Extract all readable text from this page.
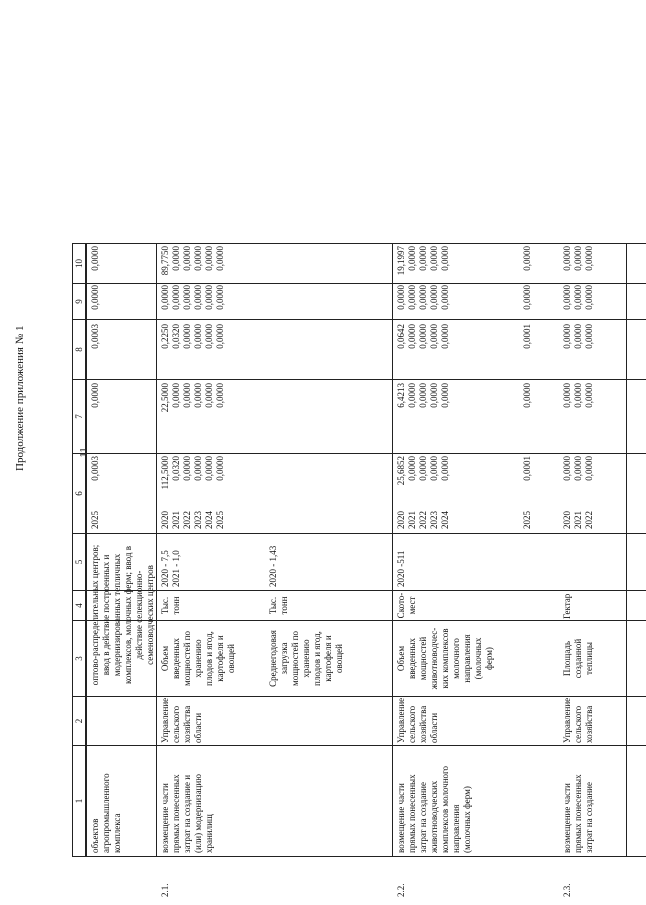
Продолжение приложения № 1	11
1
2
3
4
5
6
7
8
9
10
объектов
агропромышленного
комплекса
оптово-распределительных центров;
ввод в действие построенных и
модернизированных тепличных
комплексов, молочных ферм; ввод в
действие селекционно-
семеноводческих центров
2025
0,0003
0,0000
0,0003
0,0000
0,0000
2.1.
возмещение части
прямых понесенных
затрат на создание и
(или) модернизацию
хранилищ
Управление
сельского
хозяйства
области
Объем
введенных
мощностей по
хранению
плодов и ягод,
картофеля и
овощей
Тыс.
тонн
2020 - 7,5
2021 - 1,0
Среднегодовая
загрузка
мощностей по
хранению
плодов и ягод,
картофеля и
овощей
Тыс.
тонн
2020 - 1,43
2020
2021
2022
2023
2024
2025
112,5000
0,0320
0,0000
0,0000
0,0000
0,0000
22,5000
0,0000
0,0000
0,0000
0,0000
0,0000
0,2250
0,0320
0,0000
0,0000
0,0000
0,0000
0,0000
0,0000
0,0000
0,0000
0,0000
0,0000
89,7750
0,0000
0,0000
0,0000
0,0000
0,0000
2.2.
возмещение части
прямых понесенных
затрат на создание
животноводческих
комплексов молочного
направления
(молочных ферм)
Управление
сельского
хозяйства
области
Объем
введенных
мощностей
животноводчес-
ких комплексов
молочного
направления
(молочных
ферм)
Ското-
мест
2020 -511
2020
2021
2022
2023
2024	2025
25,6852
0,0000
0,0000
0,0000
0,0000
6,4213
0,0000
0,0000
0,0000
0,0000
0,0642
0,0000
0,0000
0,0000
0,0000
0,0000
0,0000
0,0000
0,0000
0,0000
19,1997
0,0000
0,0000
0,0000
0,0000
0,0001
0,0000
0,0001
0,0000
0,0000
2.3.
возмещение части
прямых понесенных
затрат на создание
Управление
сельского
хозяйства
Площадь
созданной
теплицы
Гектар
2020
2021
2022
0,0000
0,0000
0,0000
0,0000
0,0000
0,0000
0,0000
0,0000
0,0000
0,0000
0,0000
0,0000
0,0000
0,0000
0,0000
